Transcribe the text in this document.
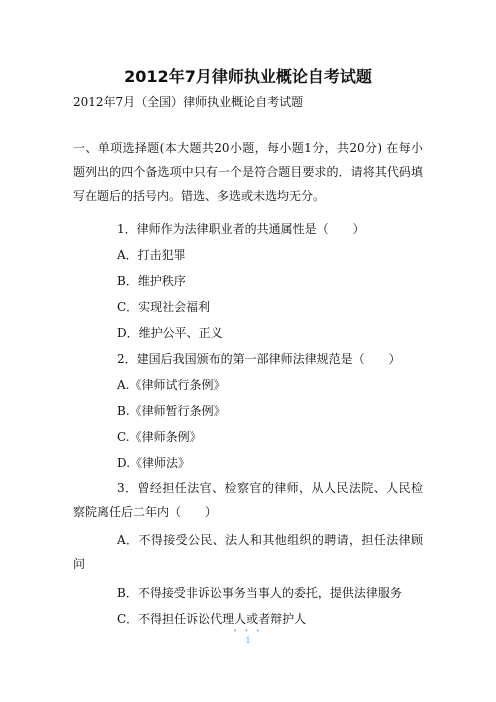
2012年7月律师执业概论自考试题
2012年7月（全国）律师执业概论自考试题
一、单项选择题(本大题共20小题，每小题1分，共20分) 在每小题列出的四个备选项中只有一个是符合题目要求的．请将其代码填写在题后的括号内。错选、多选或未选均无分。
1．律师作为法律职业者的共通属性是（　　）
A．打击犯罪
B．维护秩序
C．实现社会福利
D．维护公平、正义
2．建国后我国颁布的第一部律师法律规范是（　　）
A.《律师试行条例》
B.《律师暂行条例》
C.《律师条例》
D.《律师法》
3．曾经担任法官、检察官的律师，从人民法院、人民检察院离任后二年内（　　）
A．不得接受公民、法人和其他组织的聘请，担任法律顾问
B．不得接受非诉讼事务当事人的委托，提供法律服务
C．不得担任诉讼代理人或者辩护人
• • •
1
